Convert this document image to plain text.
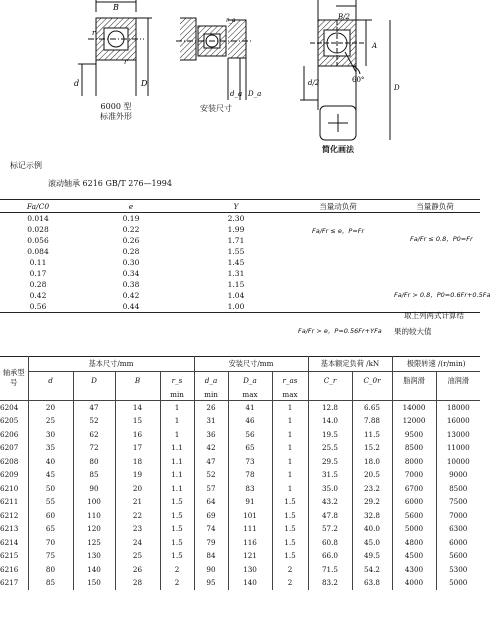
B
r
r
d	D
r_a
d_a D_a
B/2
d/2
A
60°
D
6000 型
标准外形
安装尺寸
简化画法
标记示例
滚动轴承 6216 GB/T 276—1994
Fa/C0	e	Y	当量动负荷	当量静负荷
0.014	0.19	2.30		
0.028	0.22	1.99		
0.056	0.26	1.71		
0.084	0.28	1.55		
0.11	0.30	1.45		
0.17	0.34	1.31		
0.28	0.38	1.15		
0.42	0.42	1.04		
0.56	0.44	1.00		
Fa/Fr ≤ e，P=Fr
Fa/Fr > e，P=0.56Fr+YFa
Fa/Fr ≤ 0.8，P0=Fr
Fa/Fr > 0.8，P0=0.6Fr+0.5Fa
取上列两式计算结
果的较大值
轴承型号	基本尺寸/mm				安装尺寸/mm			基本额定负荷 /kN		极限转速 /(r/min)	
	d	D	B	r_s	d_a	D_a	r_as	C_r	C_0r	脂润滑	油润滑
				min	min	max	max				
6204	20	47	14	1	26	41	1	12.8	6.65	14000	18000
6205	25	52	15	1	31	46	1	14.0	7.88	12000	16000
6206	30	62	16	1	36	56	1	19.5	11.5	9500	13000
6207	35	72	17	1.1	42	65	1	25.5	15.2	8500	11000
6208	40	80	18	1.1	47	73	1	29.5	18.0	8000	10000
6209	45	85	19	1.1	52	78	1	31.5	20.5	7000	9000
6210	50	90	20	1.1	57	83	1	35.0	23.2	6700	8500
6211	55	100	21	1.5	64	91	1.5	43.2	29.2	6000	7500
6212	60	110	22	1.5	69	101	1.5	47.8	32.8	5600	7000
6213	65	120	23	1.5	74	111	1.5	57.2	40.0	5000	6300
6214	70	125	24	1.5	79	116	1.5	60.8	45.0	4800	6000
6215	75	130	25	1.5	84	121	1.5	66.0	49.5	4500	5600
6216	80	140	26	2	90	130	2	71.5	54.2	4300	5300
6217	85	150	28	2	95	140	2	83.2	63.8	4000	5000
